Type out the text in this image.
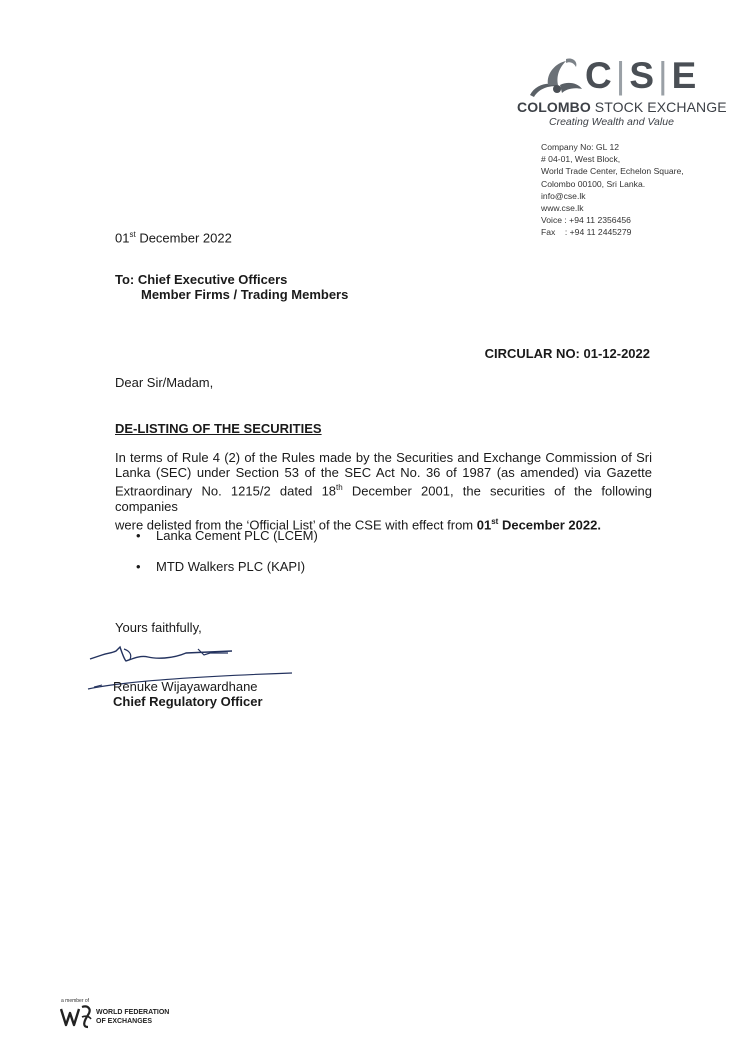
C|S|E
COLOMBO STOCK EXCHANGE
Creating Wealth and Value
Company No: GL 12
# 04-01, West Block,
World Trade Center, Echelon Square,
Colombo 00100, Sri Lanka.
info@cse.lk
www.cse.lk
Voice : +94 11 2356456
Fax    : +94 11 2445279
01st December 2022
To: Chief Executive Officers
Member Firms / Trading Members
CIRCULAR NO: 01-12-2022
Dear Sir/Madam,
DE-LISTING OF THE SECURITIES
In terms of Rule 4 (2) of the Rules made by the Securities and Exchange Commission of Sri
Lanka (SEC) under Section 53 of the SEC Act No. 36 of 1987 (as amended) via Gazette
Extraordinary No. 1215/2 dated 18th December 2001, the securities of the following companies
were delisted from the ‘Official List’ of the CSE with effect from 01st December 2022.
• Lanka Cement PLC (LCEM)
• MTD Walkers PLC (KAPI)
Yours faithfully,
Renuke Wijayawardhane
Chief Regulatory Officer
a member of
WORLD FEDERATION
OF EXCHANGES
